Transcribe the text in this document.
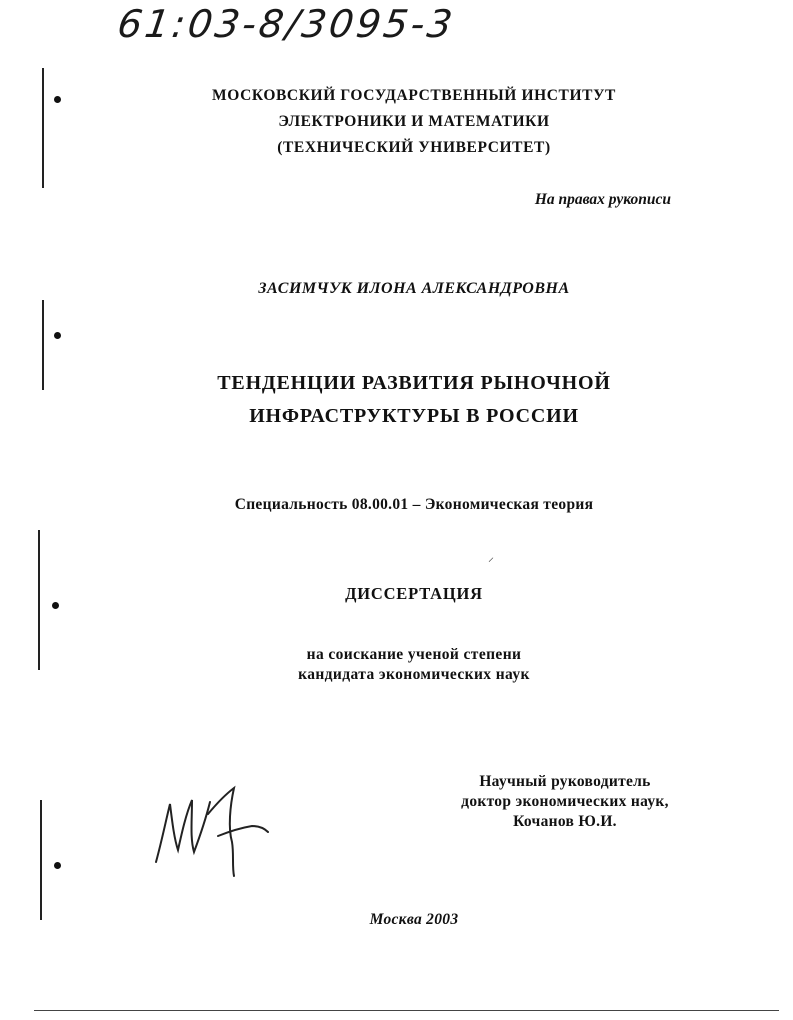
61:03-8/3095-3
МОСКОВСКИЙ ГОСУДАРСТВЕННЫЙ ИНСТИТУТ
ЭЛЕКТРОНИКИ И МАТЕМАТИКИ
(ТЕХНИЧЕСКИЙ УНИВЕРСИТЕТ)
На правах рукописи
ЗАСИМЧУК ИЛОНА АЛЕКСАНДРОВНА
ТЕНДЕНЦИИ РАЗВИТИЯ РЫНОЧНОЙ
ИНФРАСТРУКТУРЫ В РОССИИ
Специальность 08.00.01 – Экономическая теория
⸝
ДИССЕРТАЦИЯ
на соискание ученой степени
кандидата экономических наук
Научный руководитель
доктор экономических наук,
Кочанов Ю.И.
Москва 2003
